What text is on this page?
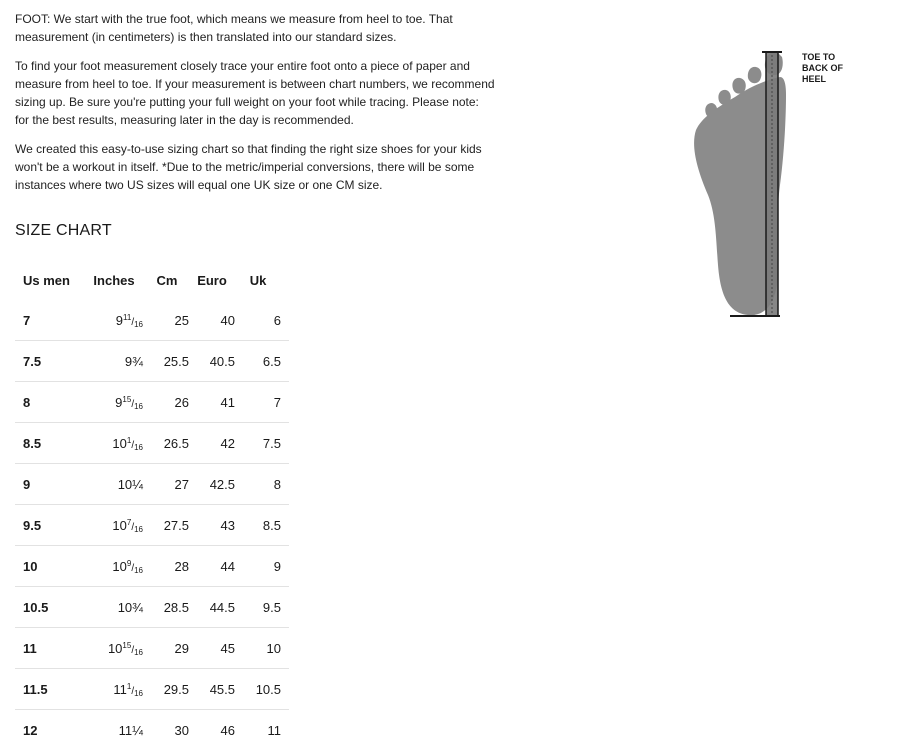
FOOT: We start with the true foot, which means we measure from heel to toe. That measurement (in centimeters) is then translated into our standard sizes.

To find your foot measurement closely trace your entire foot onto a piece of paper and measure from heel to toe. If your measurement is between chart numbers, we recommend sizing up. Be sure you're putting your full weight on your foot while tracing. Please note: for the best results, measuring later in the day is recommended.

We created this easy-to-use sizing chart so that finding the right size shoes for your kids won't be a workout in itself. *Due to the metric/imperial conversions, there will be some instances where two US sizes will equal one UK size or one CM size.

SIZE CHART
Us men	Inches	Cm	Euro	Uk
7	$9^{11}/_{16}$	25	40	6
7.5	9¾	25.5	40.5	6.5
8	$9^{15}/_{16}$	26	41	7
8.5	$10^1/_{16}$	26.5	42	7.5
9	10¼	27	42.5	8
9.5	$10^7/_{16}$	27.5	43	8.5
10	$10^9/_{16}$	28	44	9
10.5	10¾	28.5	44.5	9.5
11	$10^{15}/_{16}$	29	45	10
11.5	$11^1/_{16}$	29.5	45.5	10.5
12	11¼	30	46	11
TOE TO
BACK OF
HEEL
